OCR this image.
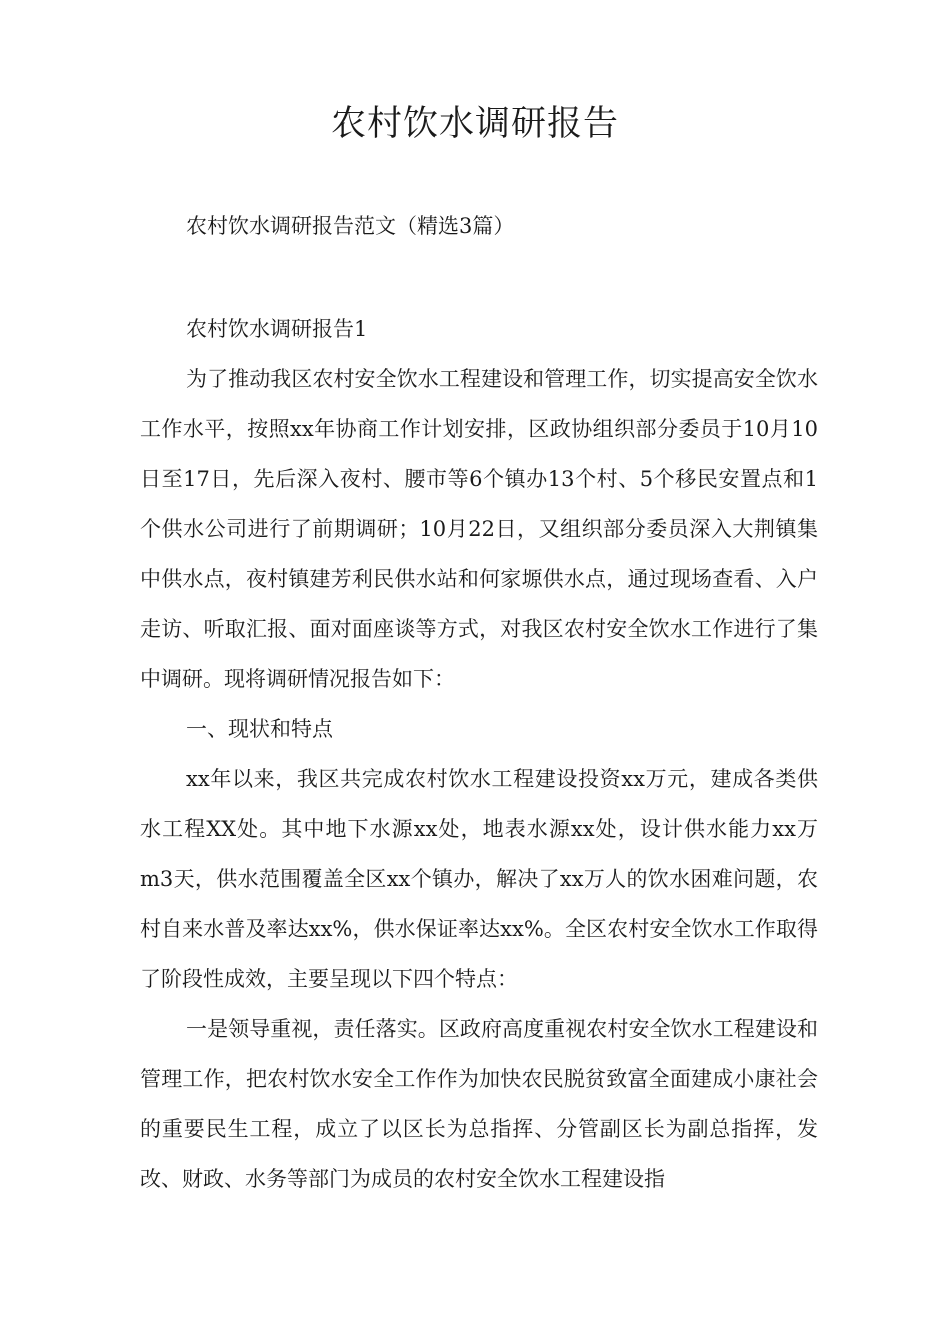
农村饮水调研报告
农村饮水调研报告范文（精选3篇）

农村饮水调研报告1

为了推动我区农村安全饮水工程建设和管理工作，切实提高安全饮水工作水平，按照xx年协商工作计划安排，区政协组织部分委员于10月10日至17日，先后深入夜村、腰市等6个镇办13个村、5个移民安置点和1个供水公司进行了前期调研；10月22日，又组织部分委员深入大荆镇集中供水点，夜村镇建芳利民供水站和何家塬供水点，通过现场查看、入户走访、听取汇报、面对面座谈等方式，对我区农村安全饮水工作进行了集中调研。现将调研情况报告如下：

一、现状和特点

xx年以来，我区共完成农村饮水工程建设投资xx万元，建成各类供水工程XX处。其中地下水源xx处，地表水源xx处，设计供水能力xx万m3天，供水范围覆盖全区xx个镇办，解决了xx万人的饮水困难问题，农村自来水普及率达xx%，供水保证率达xx%。全区农村安全饮水工作取得了阶段性成效，主要呈现以下四个特点：

一是领导重视，责任落实。区政府高度重视农村安全饮水工程建设和管理工作，把农村饮水安全工作作为加快农民脱贫致富全面建成小康社会的重要民生工程，成立了以区长为总指挥、分管副区长为副总指挥，发改、财政、水务等部门为成员的农村安全饮水工程建设指
